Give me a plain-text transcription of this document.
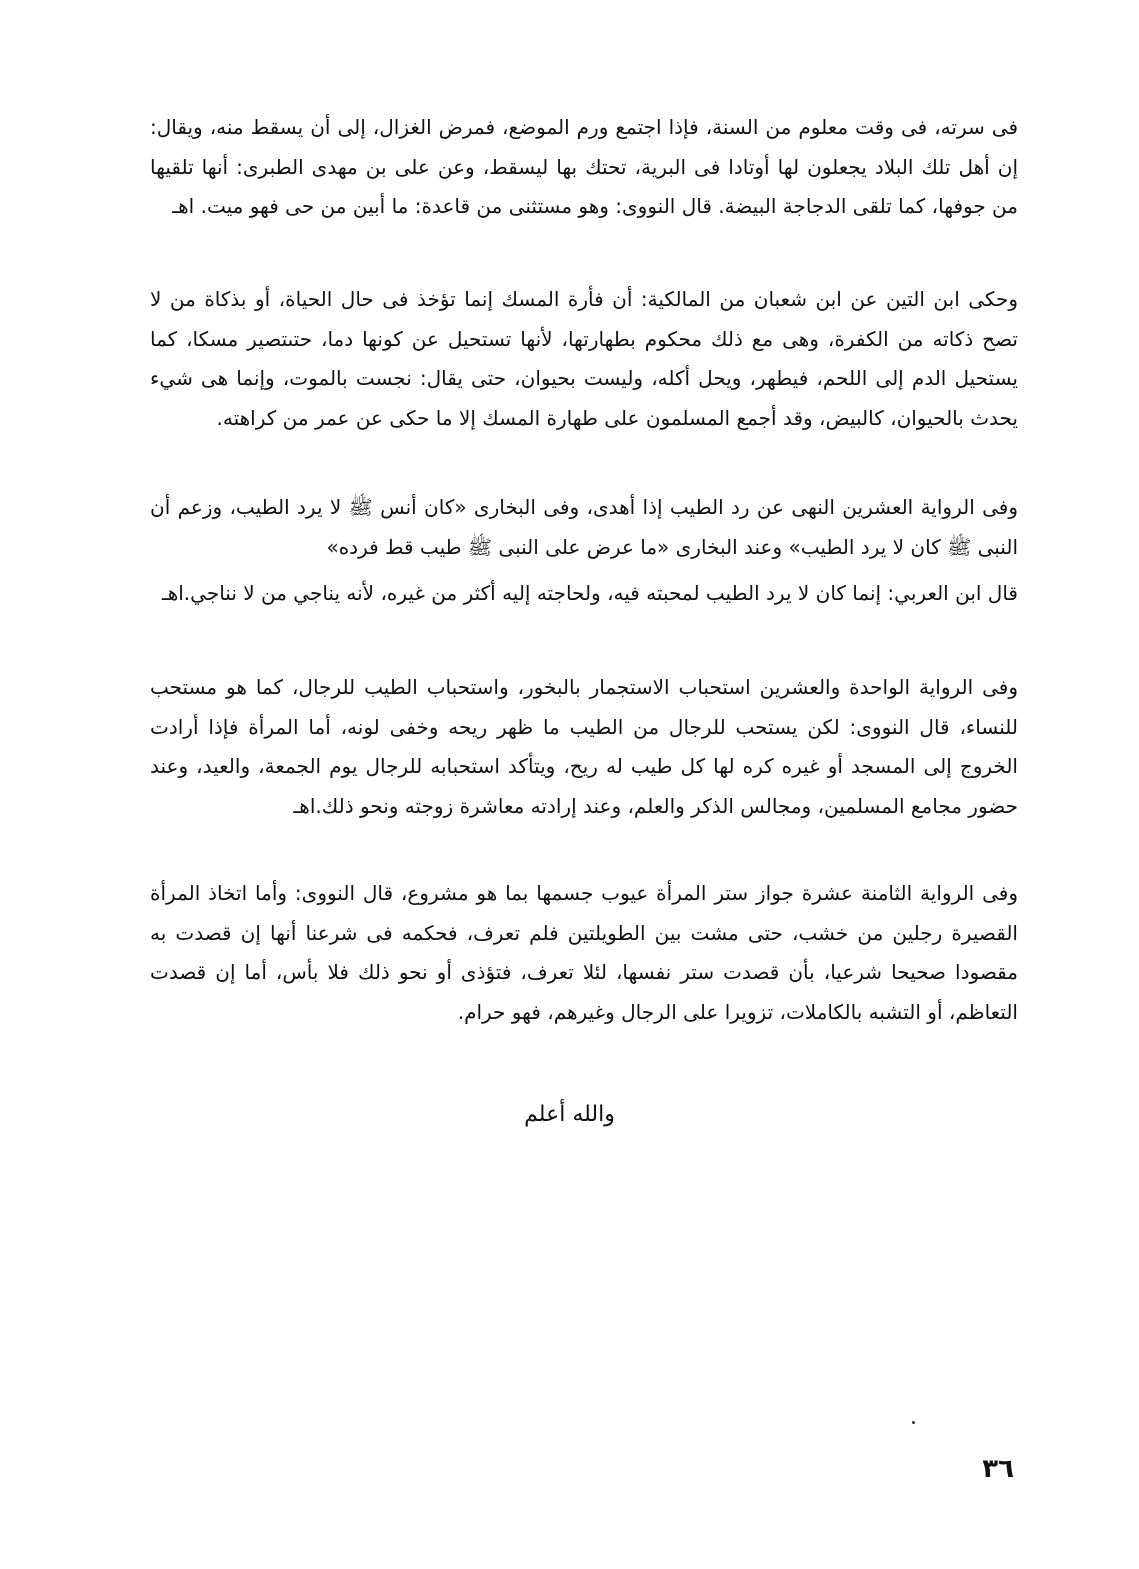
فى سرته، فى وقت معلوم من السنة، فإذا اجتمع ورم الموضع، فمرض الغزال، إلى أن يسقط منه، ويقال: إن أهل تلك البلاد يجعلون لها أوتادا فى البرية، تحتك بها ليسقط، وعن على بن مهدى الطبرى: أنها تلقيها من جوفها، كما تلقى الدجاجة البيضة. قال النووى: وهو مستثنى من قاعدة: ما أبين من حى فهو ميت. اهـ

وحكى ابن التين عن ابن شعبان من المالكية: أن فأرة المسك إنما تؤخذ فى حال الحياة، أو بذكاة من لا تصح ذكاته من الكفرة، وهى مع ذلك محكوم بطهارتها، لأنها تستحيل عن كونها دما، حتىتصير مسكا، كما يستحيل الدم إلى اللحم، فيطهر، ويحل أكله، وليست بحيوان، حتى يقال: نجست بالموت، وإنما هى شيء يحدث بالحيوان، كالبيض، وقد أجمع المسلمون على طهارة المسك إلا ما حكى عن عمر من كراهته.

وفى الرواية العشرين النهى عن رد الطيب إذا أهدى، وفى البخارى «كان أنس ﷺ لا يرد الطيب، وزعم أن النبى ﷺ كان لا يرد الطيب» وعند البخارى «ما عرض على النبى ﷺ طيب قط فرده»

قال ابن العربي: إنما كان لا يرد الطيب لمحبته فيه، ولحاجته إليه أكثر من غيره، لأنه يناجي من لا نناجي.اهـ

وفى الرواية الواحدة والعشرين استحباب الاستجمار بالبخور، واستحباب الطيب للرجال، كما هو مستحب للنساء، قال النووى: لكن يستحب للرجال من الطيب ما ظهر ريحه وخفى لونه، أما المرأة فإذا أرادت الخروج إلى المسجد أو غيره كره لها كل طيب له ريح، ويتأكد استحبابه للرجال يوم الجمعة، والعيد، وعند حضور مجامع المسلمين، ومجالس الذكر والعلم، وعند إرادته معاشرة زوجته ونحو ذلك.اهـ

وفى الرواية الثامنة عشرة جواز ستر المرأة عيوب جسمها بما هو مشروع، قال النووى: وأما اتخاذ المرأة القصيرة رجلين من خشب، حتى مشت بين الطويلتين فلم تعرف، فحكمه فى شرعنا أنها إن قصدت به مقصودا صحيحا شرعيا، بأن قصدت ستر نفسها، لئلا تعرف، فتؤذى أو نحو ذلك فلا بأس، أما إن قصدت التعاظم، أو التشبه بالكاملات، تزويرا على الرجال وغيرهم، فهو حرام.

والله أعلم
٣٦
